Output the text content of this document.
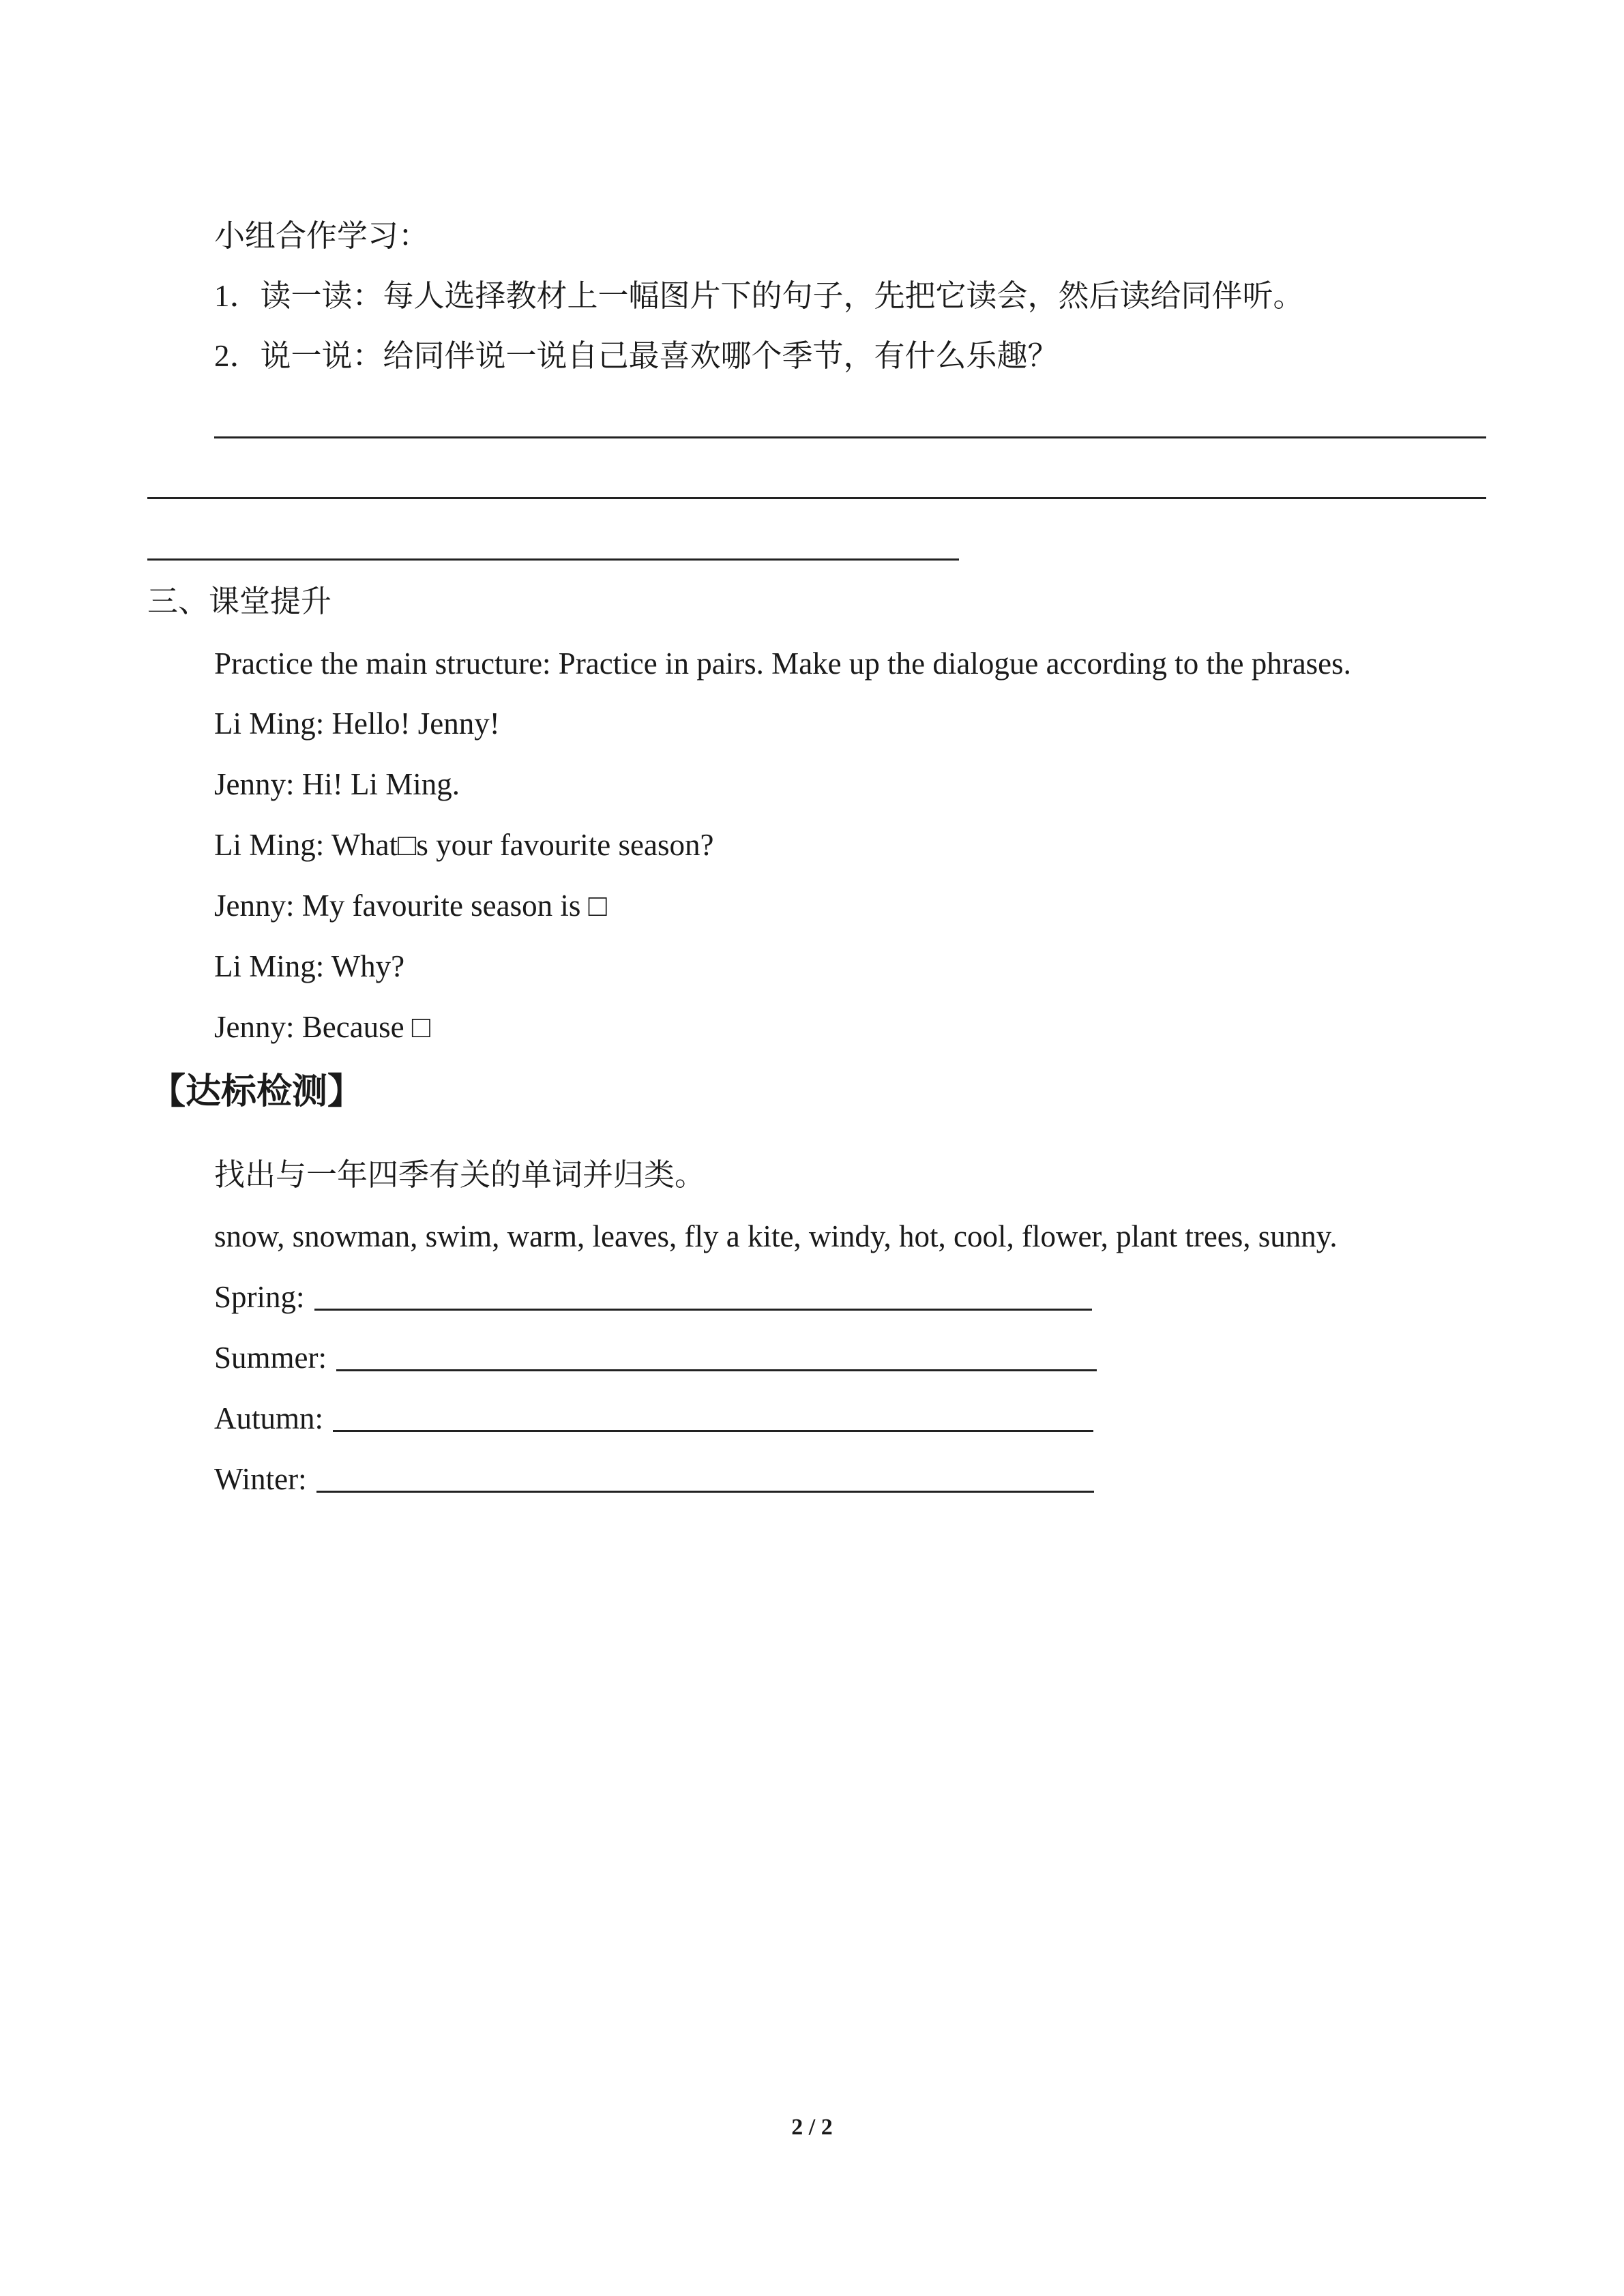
小组合作学习：
1．读一读：每人选择教材上一幅图片下的句子，先把它读会，然后读给同伴听。
2．说一说：给同伴说一说自己最喜欢哪个季节，有什么乐趣？
三、课堂提升
Practice the main structure: Practice in pairs. Make up the dialogue according to the phrases.
Li Ming: Hello! Jenny!
Jenny: Hi! Li Ming.
Li Ming: What□s your favourite season?
Jenny: My favourite season is □
Li Ming: Why?
Jenny: Because □
【达标检测】
找出与一年四季有关的单词并归类。
snow, snowman, swim, warm, leaves, fly a kite, windy, hot, cool, flower, plant trees, sunny.
Spring:
Summer:
Autumn:
Winter:
2 / 2
